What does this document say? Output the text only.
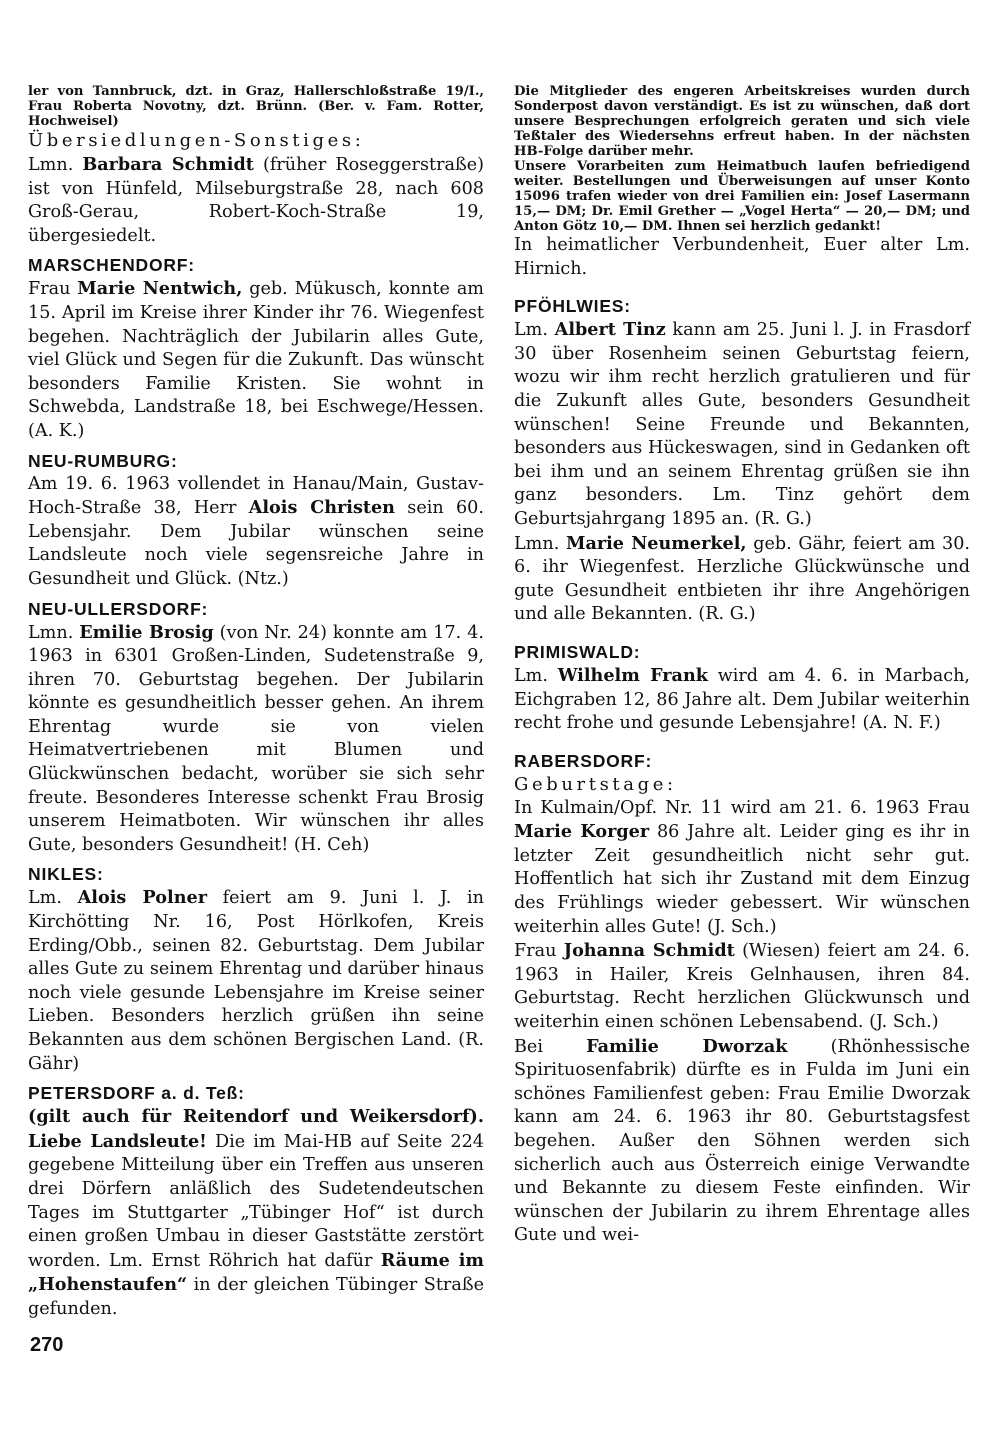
ler von Tannbruck, dzt. in Graz, Hallerschloßstraße 19/I., Frau Roberta Novotny, dzt. Brünn. (Ber. v. Fam. Rotter, Hochweisel)

Übersiedlungen-Sonstiges:

Lmn. Barbara Schmidt (früher Roseggerstraße) ist von Hünfeld, Milseburgstraße 28, nach 608 Groß-Gerau, Robert-Koch-Straße 19, übergesiedelt.

MARSCHENDORF:

Frau Marie Nentwich, geb. Mükusch, konnte am 15. April im Kreise ihrer Kinder ihr 76. Wiegenfest begehen. Nachträglich der Jubilarin alles Gute, viel Glück und Segen für die Zukunft. Das wünscht besonders Familie Kristen. Sie wohnt in Schwebda, Landstraße 18, bei Eschwege/Hessen. (A. K.)

NEU-RUMBURG:

Am 19. 6. 1963 vollendet in Hanau/Main, Gustav-Hoch-Straße 38, Herr Alois Christen sein 60. Lebensjahr. Dem Jubilar wünschen seine Landsleute noch viele segensreiche Jahre in Gesundheit und Glück. (Ntz.)

NEU-ULLERSDORF:

Lmn. Emilie Brosig (von Nr. 24) konnte am 17. 4. 1963 in 6301 Großen-Linden, Sudetenstraße 9, ihren 70. Geburtstag begehen. Der Jubilarin könnte es gesundheitlich besser gehen. An ihrem Ehrentag wurde sie von vielen Heimatvertriebenen mit Blumen und Glückwünschen bedacht, worüber sie sich sehr freute. Besonderes Interesse schenkt Frau Brosig unserem Heimatboten. Wir wünschen ihr alles Gute, besonders Gesundheit! (H. Ceh)

NIKLES:

Lm. Alois Polner feiert am 9. Juni l. J. in Kirchötting Nr. 16, Post Hörlkofen, Kreis Erding/Obb., seinen 82. Geburtstag. Dem Jubilar alles Gute zu seinem Ehrentag und darüber hinaus noch viele gesunde Lebensjahre im Kreise seiner Lieben. Besonders herzlich grüßen ihn seine Bekannten aus dem schönen Bergischen Land. (R. Gähr)

PETERSDORF a. d. Teß:

(gilt auch für Reitendorf und Weikersdorf). Liebe Landsleute! Die im Mai-HB auf Seite 224 gegebene Mitteilung über ein Treffen aus unseren drei Dörfern anläßlich des Sudetendeutschen Tages im Stuttgarter „Tübinger Hof“ ist durch einen großen Umbau in dieser Gaststätte zerstört worden. Lm. Ernst Röhrich hat dafür Räume im „Hohenstaufen“ in der gleichen Tübinger Straße gefunden.

Die Mitglieder des engeren Arbeitskreises wurden durch Sonderpost davon verständigt. Es ist zu wünschen, daß dort unsere Besprechungen erfolgreich geraten und sich viele Teßtaler des Wiedersehns erfreut haben. In der nächsten HB-Folge darüber mehr.

Unsere Vorarbeiten zum Heimatbuch laufen befriedigend weiter. Bestellungen und Überweisungen auf unser Konto 15096 trafen wieder von drei Familien ein: Josef Lasermann 15,— DM; Dr. Emil Grether — „Vogel Herta“ — 20,— DM; und Anton Götz 10,— DM. Ihnen sei herzlich gedankt!

In heimatlicher Verbundenheit, Euer alter Lm. Hirnich.

PFÖHLWIES:

Lm. Albert Tinz kann am 25. Juni l. J. in Frasdorf 30 über Rosenheim seinen Geburtstag feiern, wozu wir ihm recht herzlich gratulieren und für die Zukunft alles Gute, besonders Gesundheit wünschen! Seine Freunde und Bekannten, besonders aus Hückeswagen, sind in Gedanken oft bei ihm und an seinem Ehrentag grüßen sie ihn ganz besonders. Lm. Tinz gehört dem Geburtsjahrgang 1895 an. (R. G.)

Lmn. Marie Neumerkel, geb. Gähr, feiert am 30. 6. ihr Wiegenfest. Herzliche Glückwünsche und gute Gesundheit entbieten ihr ihre Angehörigen und alle Bekannten. (R. G.)

PRIMISWALD:

Lm. Wilhelm Frank wird am 4. 6. in Marbach, Eichgraben 12, 86 Jahre alt. Dem Jubilar weiterhin recht frohe und gesunde Lebensjahre! (A. N. F.)

RABERSDORF:

Geburtstage:

In Kulmain/Opf. Nr. 11 wird am 21. 6. 1963 Frau Marie Korger 86 Jahre alt. Leider ging es ihr in letzter Zeit gesundheitlich nicht sehr gut. Hoffentlich hat sich ihr Zustand mit dem Einzug des Frühlings wieder gebessert. Wir wünschen weiterhin alles Gute! (J. Sch.)

Frau Johanna Schmidt (Wiesen) feiert am 24. 6. 1963 in Hailer, Kreis Gelnhausen, ihren 84. Geburtstag. Recht herzlichen Glückwunsch und weiterhin einen schönen Lebensabend. (J. Sch.)

Bei Familie Dworzak (Rhönhessische Spirituosenfabrik) dürfte es in Fulda im Juni ein schönes Familienfest geben: Frau Emilie Dworzak kann am 24. 6. 1963 ihr 80. Geburtstagsfest begehen. Außer den Söhnen werden sich sicherlich auch aus Österreich einige Verwandte und Bekannte zu diesem Feste einfinden. Wir wünschen der Jubilarin zu ihrem Ehrentage alles Gute und wei-

270
